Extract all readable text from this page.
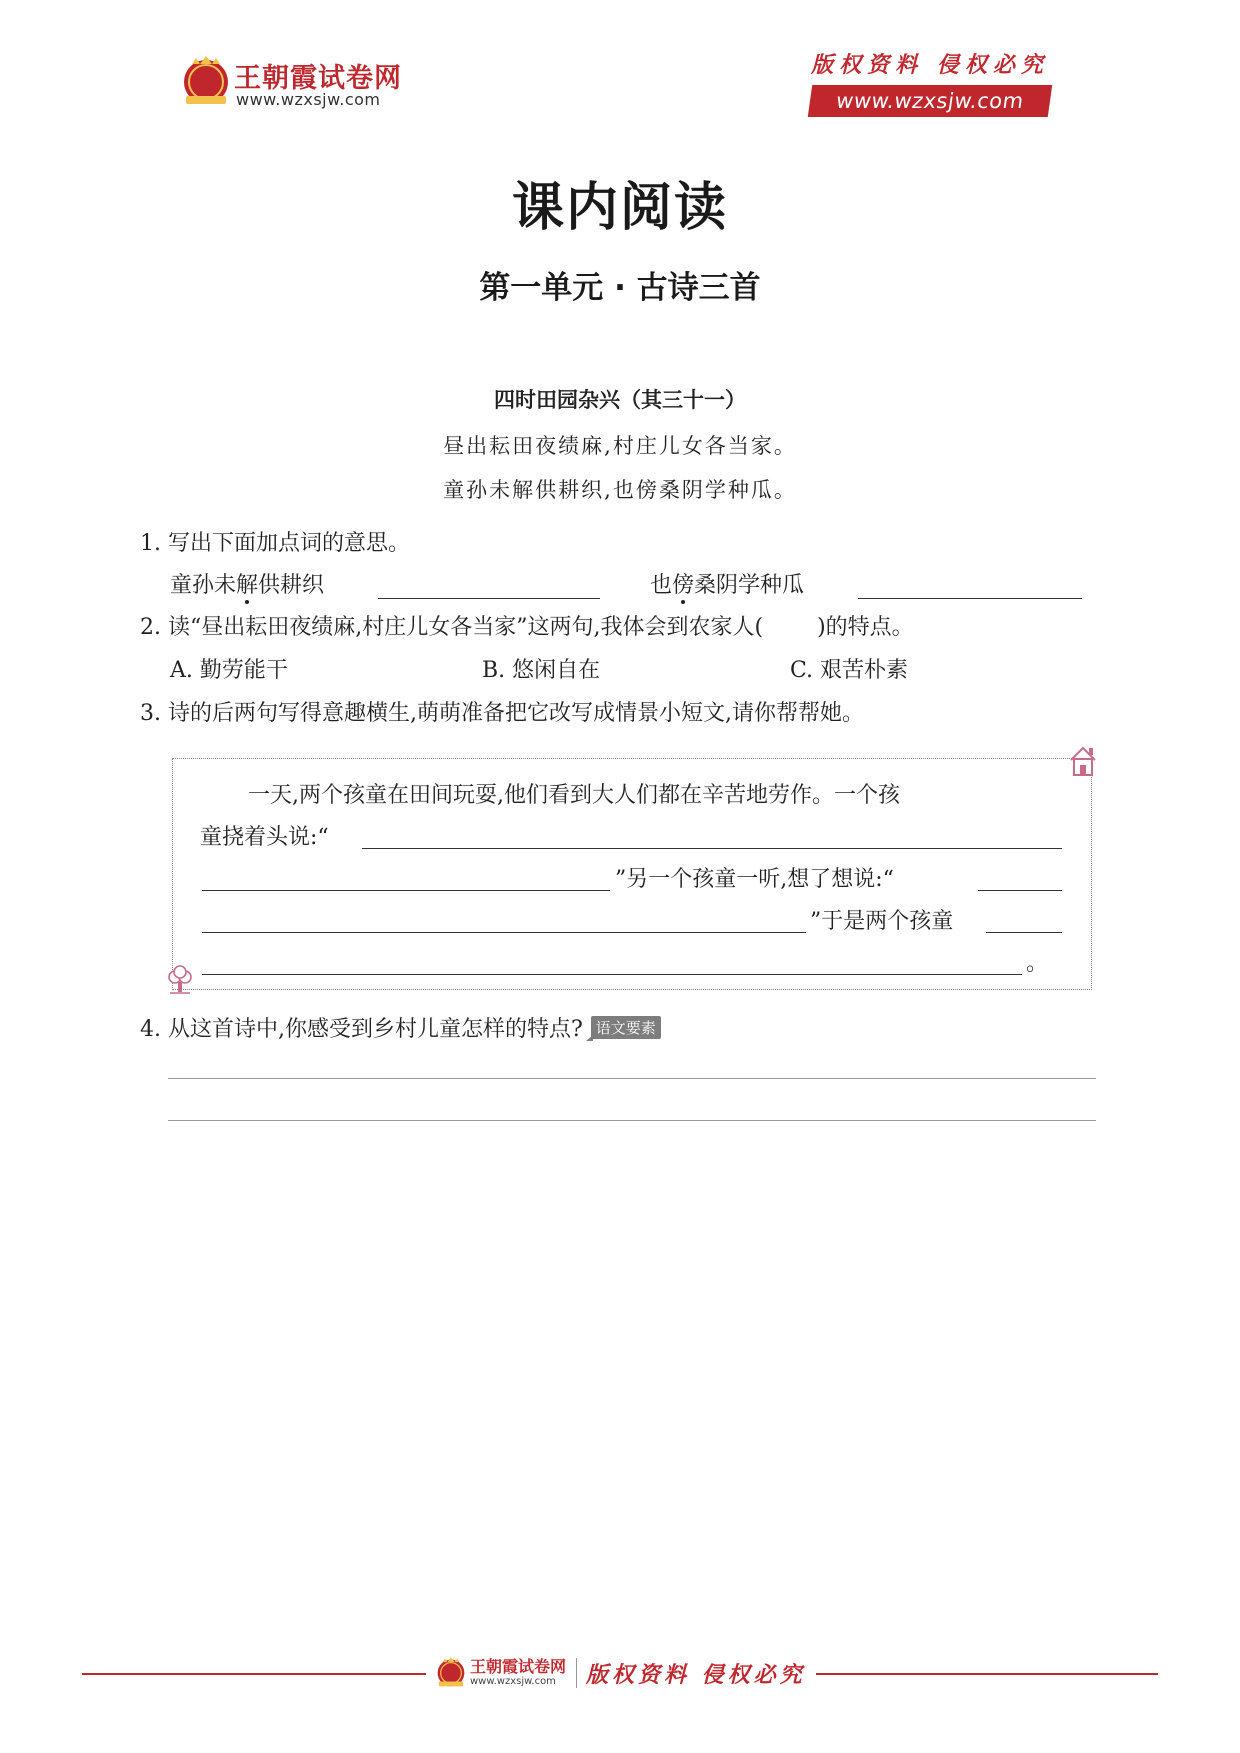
王朝霞试卷网
www.wzxsjw.com
版权资料 侵权必究
www.wzxsjw.com
课内阅读
第一单元 · 古诗三首
四时田园杂兴（其三十一）
昼出耘田夜绩麻,村庄儿女各当家。
童孙未解供耕织,也傍桑阴学种瓜。
1. 写出下面加点词的意思。
童孙未解供耕织	也傍桑阴学种瓜
2. 读“昼出耘田夜绩麻,村庄儿女各当家”这两句,我体会到农家人( )的特点。
A. 勤劳能干	B. 悠闲自在	C. 艰苦朴素
3. 诗的后两句写得意趣横生,萌萌准备把它改写成情景小短文,请你帮帮她。
一天,两个孩童在田间玩耍,他们看到大人们都在辛苦地劳作。一个孩
童挠着头说:“
”另一个孩童一听,想了想说:“
”于是两个孩童
。
4. 从这首诗中,你感受到乡村儿童怎样的特点? 语文要素
王朝霞试卷网
www.wzxsjw.com 版权资料 侵权必究
